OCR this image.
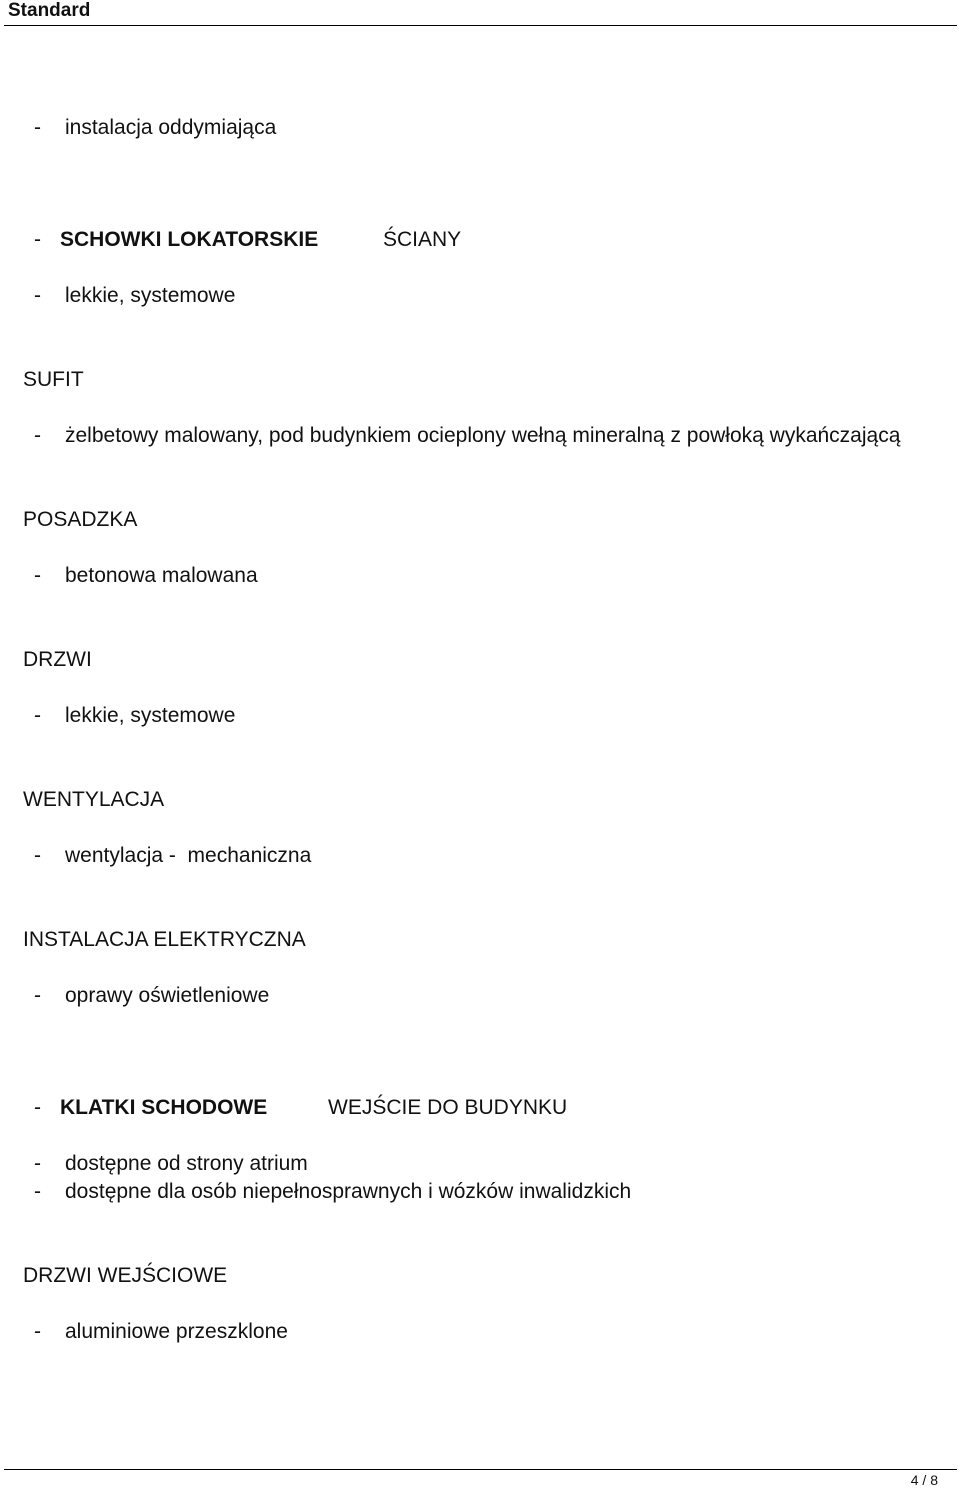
Standard
- instalacja oddymiająca
- SCHOWKI LOKATORSKIE	ŚCIANY
- lekkie, systemowe
SUFIT
- żelbetowy malowany, pod budynkiem ocieplony wełną mineralną z powłoką wykańczającą
POSADZKA
- betonowa malowana
DRZWI
- lekkie, systemowe
WENTYLACJA
- wentylacja -  mechaniczna
INSTALACJA ELEKTRYCZNA
- oprawy oświetleniowe
- KLATKI SCHODOWE	WEJŚCIE DO BUDYNKU
- dostępne od strony atrium
- dostępne dla osób niepełnosprawnych i wózków inwalidzkich
DRZWI WEJŚCIOWE
- aluminiowe przeszklone
4 / 8
